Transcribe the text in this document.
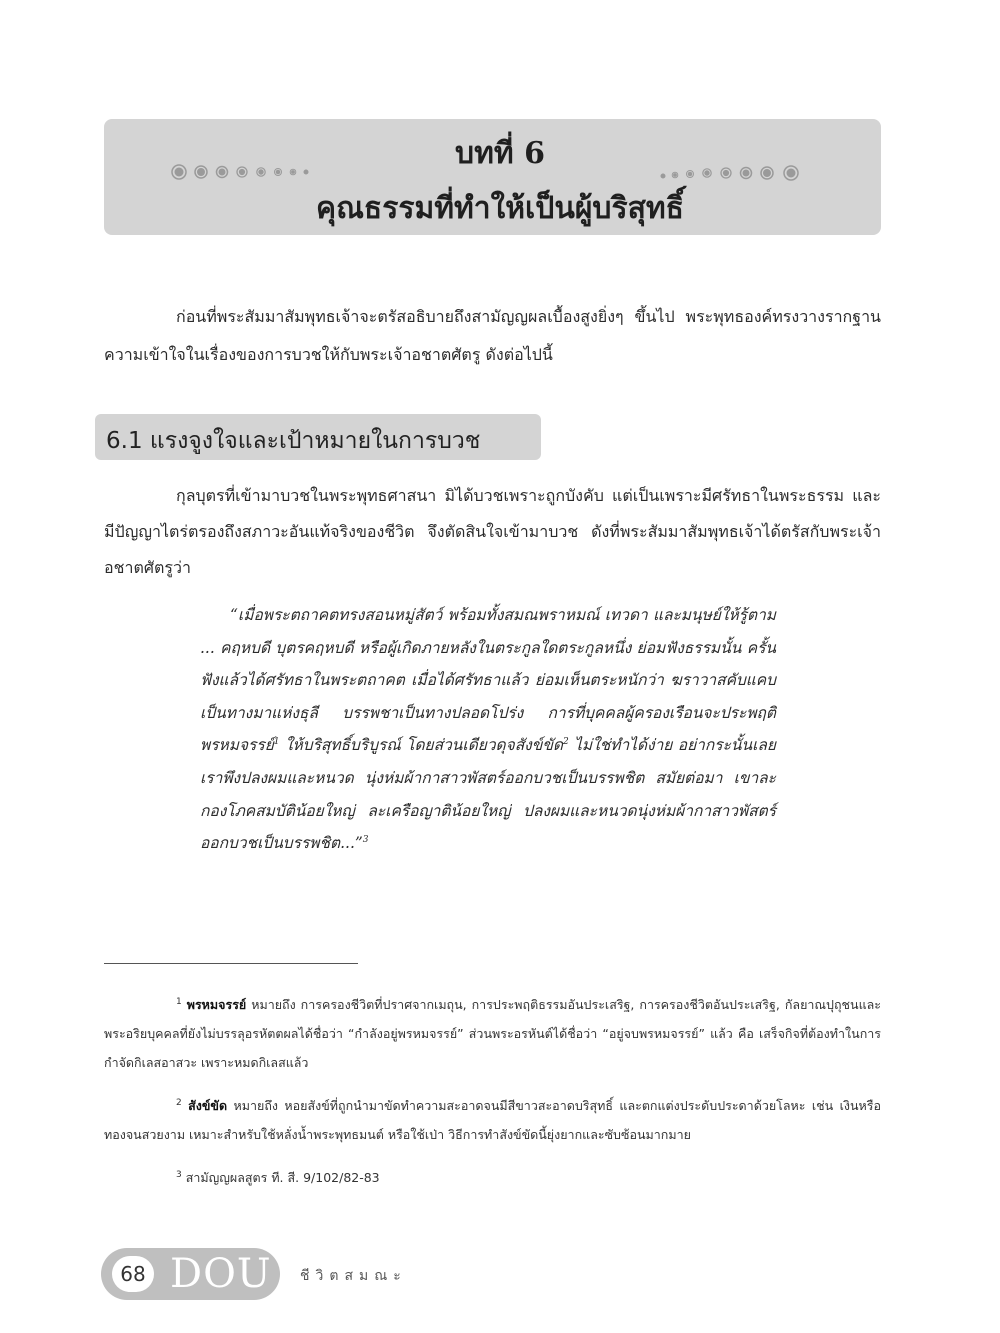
บทที่ 6
คุณธรรมที่ทำให้เป็นผู้บริสุทธิ์

ก่อนที่พระสัมมาสัมพุทธเจ้าจะตรัสอธิบายถึงสามัญญผลเบื้องสูงยิ่งๆ ขึ้นไป พระพุทธองค์ทรงวางรากฐานความเข้าใจในเรื่องของการบวชให้กับพระเจ้าอชาตศัตรู ดังต่อไปนี้

6.1 แรงจูงใจและเป้าหมายในการบวช

กุลบุตรที่เข้ามาบวชในพระพุทธศาสนา มิได้บวชเพราะถูกบังคับ แต่เป็นเพราะมีศรัทธาในพระธรรม และมีปัญญาไตร่ตรองถึงสภาวะอันแท้จริงของชีวิต จึงตัดสินใจเข้ามาบวช ดังที่พระสัมมาสัมพุทธเจ้าได้ตรัสกับพระเจ้าอชาตศัตรูว่า

“เมื่อพระตถาคตทรงสอนหมู่สัตว์ พร้อมทั้งสมณพราหมณ์ เทวดา และมนุษย์ให้รู้ตาม ... คฤหบดี บุตรคฤหบดี หรือผู้เกิดภายหลังในตระกูลใดตระกูลหนึ่ง ย่อมฟังธรรมนั้น ครั้นฟังแล้วได้ศรัทธาในพระตถาคต เมื่อได้ศรัทธาแล้ว ย่อมเห็นตระหนักว่า ฆราวาสคับแคบ เป็นทางมาแห่งธุลี บรรพชาเป็นทางปลอดโปร่ง การที่บุคคลผู้ครองเรือนจะประพฤติพรหมจรรย์$^1$ ให้บริสุทธิ์บริบูรณ์ โดยส่วนเดียวดุจสังข์ขัด$^2$ ไม่ใช่ทำได้ง่าย อย่ากระนั้นเลย เราพึงปลงผมและหนวด นุ่งห่มผ้ากาสาวพัสตร์ออกบวชเป็นบรรพชิต สมัยต่อมา เขาละกองโภคสมบัติน้อยใหญ่ ละเครือญาติน้อยใหญ่ ปลงผมและหนวดนุ่งห่มผ้ากาสาวพัสตร์ออกบวชเป็นบรรพชิต...”$^3$

$^1$ พรหมจรรย์ หมายถึง การครองชีวิตที่ปราศจากเมถุน, การประพฤติธรรมอันประเสริฐ, การครองชีวิตอันประเสริฐ, กัลยาณปุถุชนและพระอริยบุคคลที่ยังไม่บรรลุอรหัตตผลได้ชื่อว่า “กำลังอยู่พรหมจรรย์” ส่วนพระอรหันต์ได้ชื่อว่า “อยู่จบพรหมจรรย์” แล้ว คือ เสร็จกิจที่ต้องทำในการกำจัดกิเลสอาสวะ เพราะหมดกิเลสแล้ว

$^2$ สังข์ขัด หมายถึง หอยสังข์ที่ถูกนำมาขัดทำความสะอาดจนมีสีขาวสะอาดบริสุทธิ์ และตกแต่งประดับประดาด้วยโลหะ เช่น เงินหรือทองจนสวยงาม เหมาะสำหรับใช้หลั่งน้ำพระพุทธมนต์ หรือใช้เป่า วิธีการทำสังข์ขัดนี้ยุ่งยากและซับซ้อนมากมาย

$^3$ สามัญญผลสูตร ที. สี. 9/102/82-83

68 DOU ชีวิตสมณะ
